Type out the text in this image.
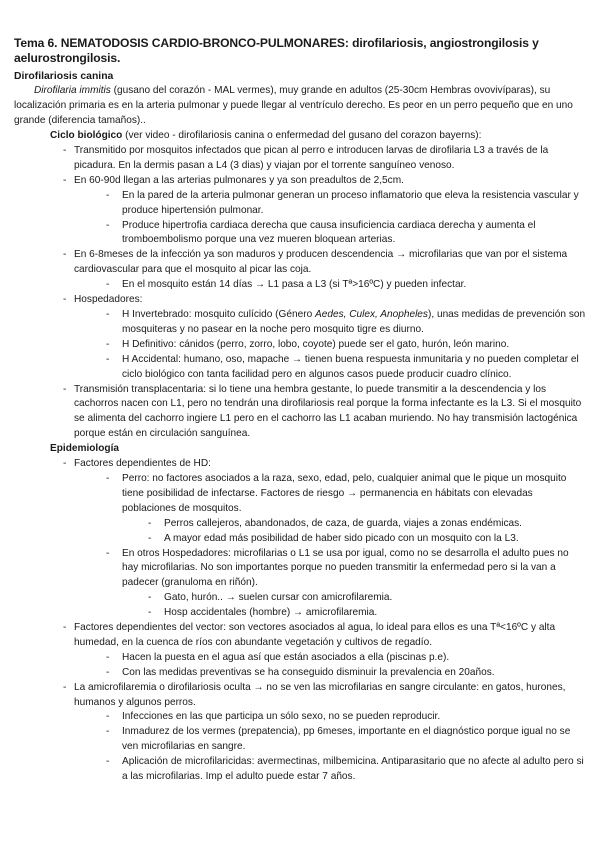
Tema 6. NEMATODOSIS CARDIO-BRONCO-PULMONARES: dirofilariosis, angiostrongilosis y aelurostrongilosis.
Dirofilariosis canina

Dirofilaria immitis (gusano del corazón - MAL vermes), muy grande en adultos (25-30cm Hembras ovovivíparas), su localización primaria es en la arteria pulmonar y puede llegar al ventrículo derecho. Es peor en un perro pequeño que en uno grande (diferencia tamaños)..

Ciclo biológico (ver video - dirofilariosis canina o enfermedad del gusano del corazon bayerns):

- Transmitido por mosquitos infectados que pican al perro e introducen larvas de dirofilaria L3 a través de la picadura. En la dermis pasan a L4 (3 dias) y viajan por el torrente sanguíneo venoso.
- En 60-90d llegan a las arterias pulmonares y ya son preadultos de 2,5cm.
- En la pared de la arteria pulmonar generan un proceso inflamatorio que eleva la resistencia vascular y produce hipertensión pulmonar.
- Produce hipertrofia cardiaca derecha que causa insuficiencia cardiaca derecha y aumenta el tromboembolismo porque una vez mueren bloquean arterias.
- En 6-8meses de la infección ya son maduros y producen descendencia → microfilarias que van por el sistema cardiovascular para que el mosquito al picar las coja.
- En el mosquito están 14 días → L1 pasa a L3 (si Tª>16ºC) y pueden infectar.
- Hospedadores:
- H Invertebrado: mosquito culícido (Género Aedes, Culex, Anopheles), unas medidas de prevención son mosquiteras y no pasear en la noche pero mosquito tigre es diurno.
- H Definitivo: cánidos (perro, zorro, lobo, coyote) puede ser el gato, hurón, león marino.
- H Accidental: humano, oso, mapache → tienen buena respuesta inmunitaria y no pueden completar el ciclo biológico con tanta facilidad pero en algunos casos puede producir cuadro clínico.
- Transmisión transplacentaria: si lo tiene una hembra gestante, lo puede transmitir a la descendencia y los cachorros nacen con L1, pero no tendrán una dirofilariosis real porque la forma infectante es la L3. Si el mosquito se alimenta del cachorro ingiere L1 pero en el cachorro las L1 acaban muriendo. No hay transmisión lactogénica porque están en circulación sanguínea.

Epidemiología

- Factores dependientes de HD:
- Perro: no factores asociados a la raza, sexo, edad, pelo, cualquier animal que le pique un mosquito tiene posibilidad de infectarse. Factores de riesgo → permanencia en hábitats con elevadas poblaciones de mosquitos.
- Perros callejeros, abandonados, de caza, de guarda, viajes a zonas endémicas.
- A mayor edad más posibilidad de haber sido picado con un mosquito con la L3.
- En otros Hospedadores: microfilarias o L1 se usa por igual, como no se desarrolla el adulto pues no hay microfilarias. No son importantes porque no pueden transmitir la enfermedad pero si la van a padecer (granuloma en riñón).
- Gato, hurón.. → suelen cursar con amicrofilaremia.
- Hosp accidentales (hombre) → amicrofilaremia.
- Factores dependientes del vector: son vectores asociados al agua, lo ideal para ellos es una Tª<16ºC y alta humedad, en la cuenca de ríos con abundante vegetación y cultivos de regadío.
- Hacen la puesta en el agua así que están asociados a ella (piscinas p.e).
- Con las medidas preventivas se ha conseguido disminuir la prevalencia en 20años.
- La amicrofilaremia o dirofilariosis oculta → no se ven las microfilarias en sangre circulante: en gatos, hurones, humanos y algunos perros.
- Infecciones en las que participa un sólo sexo, no se pueden reproducir.
- Inmadurez de los vermes (prepatencia), pp 6meses, importante en el diagnóstico porque igual no se ven microfilarias en sangre.
- Aplicación de microfilaricidas: avermectinas, milbemicina. Antiparasitario que no afecte al adulto pero si a las microfilarias. Imp el adulto puede estar 7 años.
